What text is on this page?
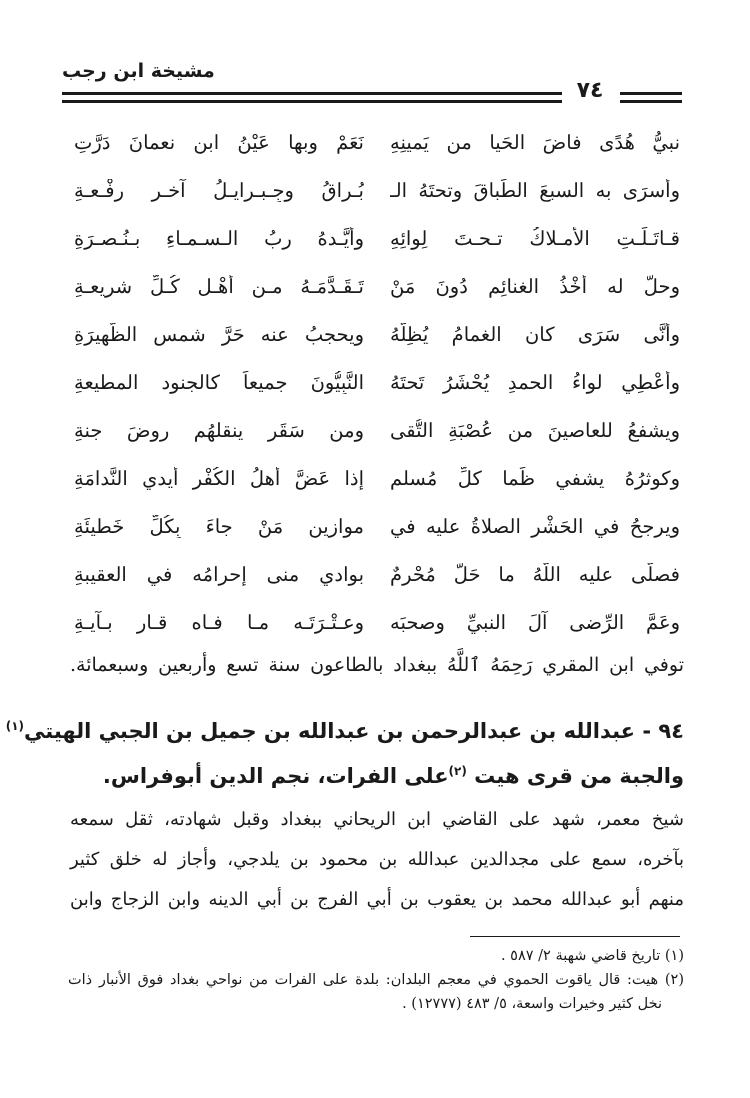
مشيخة ابن رجب
٧٤
نبيُّ هُدًى فاضَ الحَيا من يَمينِهِ
نَعَمْ وبها عَيْنُ ابنِ نعمانَ دَرَّتِ
وأسرَى به السبعَ الطِّباقَ وتحتَهُ الـ
بُـراقُ وجِـبـرايـلُ آخـر رِفْـعـةِ
قـاتَـلَـتِ الأمـلاكُ تـحـتَ لِوائِهِ
وأيَّـدهُ ربُ الـسـمـاءِ بـنُـصـرَةِ
وحلَّ له أخْذُ الغنائِمِ دُونَ مَنْ
تَـقَـدَّمَـهُ مـن أهْـلِ كُـلِّ شريعـةِ
وأنَّى سَرَى كان الغمامُ يُظِلُّهُ
ويحجبُ عنه حَرَّ شمسِ الظَّهيرَةِ
وأُعْطِي لواءُ الحمدِ يُحْشَرُ تَحتَهُ
النَّبِيُّونَ جميعاً كالجنود المطيعةِ
ويشفعُ للعاصينَ من عُصْبَةِ التُّقى
ومن سَقَرٍ ينقلهُم روضَ جنةِ
وكوثرُهُ يشفي ظَما كلِّ مُسلمٍ
إذا عَضَّ أهلُ الكُفْرِ أيدي النَّدامَةِ
ويرجحُ في الحَشْرِ الصلاةُ عليه في
موازينِ مَنْ جاءَ بِكُلِّ خَطيئَةِ
فصلَّى عليه اللَّهُ ما حَلَّ مُحْرِمٌ
بوادي منى إحرامُه في العقيبةِ
وعَمَّ الرِّضى آلَ النبيِّ وصحبَه
وعـتْـرَتَـه مـا فـاه قـارٍ بـآيـةِ
توفي ابن المقري رَحِمَهُ ٱللَّهُ ببغداد بالطاعون سنة تسع وأربعين وسبعمائة.
٩٤ - عبدالله بن عبدالرحمن بن عبدالله بن جميل بن الجبي الهيتي$^{(١)}$
والجبة من قرى هيت $^{(٢)}$على الفرات، نجم الدين أبوفراس.
شيخ معمر، شهد على القاضي ابن الريحاني ببغداد وقبل شهادته، ثقل سمعه
بآخره، سمع على مجدالدين عبدالله بن محمود بن يلدجي، وأجاز له خلق كثير
منهم أبو عبدالله محمد بن يعقوب بن أبي الفرج بن أبي الدينه وابن الزجاج وابن
(١) تاريخ قاضي شهبة ٢/ ٥٨٧ .
(٢) هيت: قال ياقوت الحموي في معجم البلدان: بلدة على الفرات من نواحي بغداد فوق الأنبار ذات
نخل كثير وخيرات واسعة، ٥/ ٤٨٣ (١٢٧٧٧) .
